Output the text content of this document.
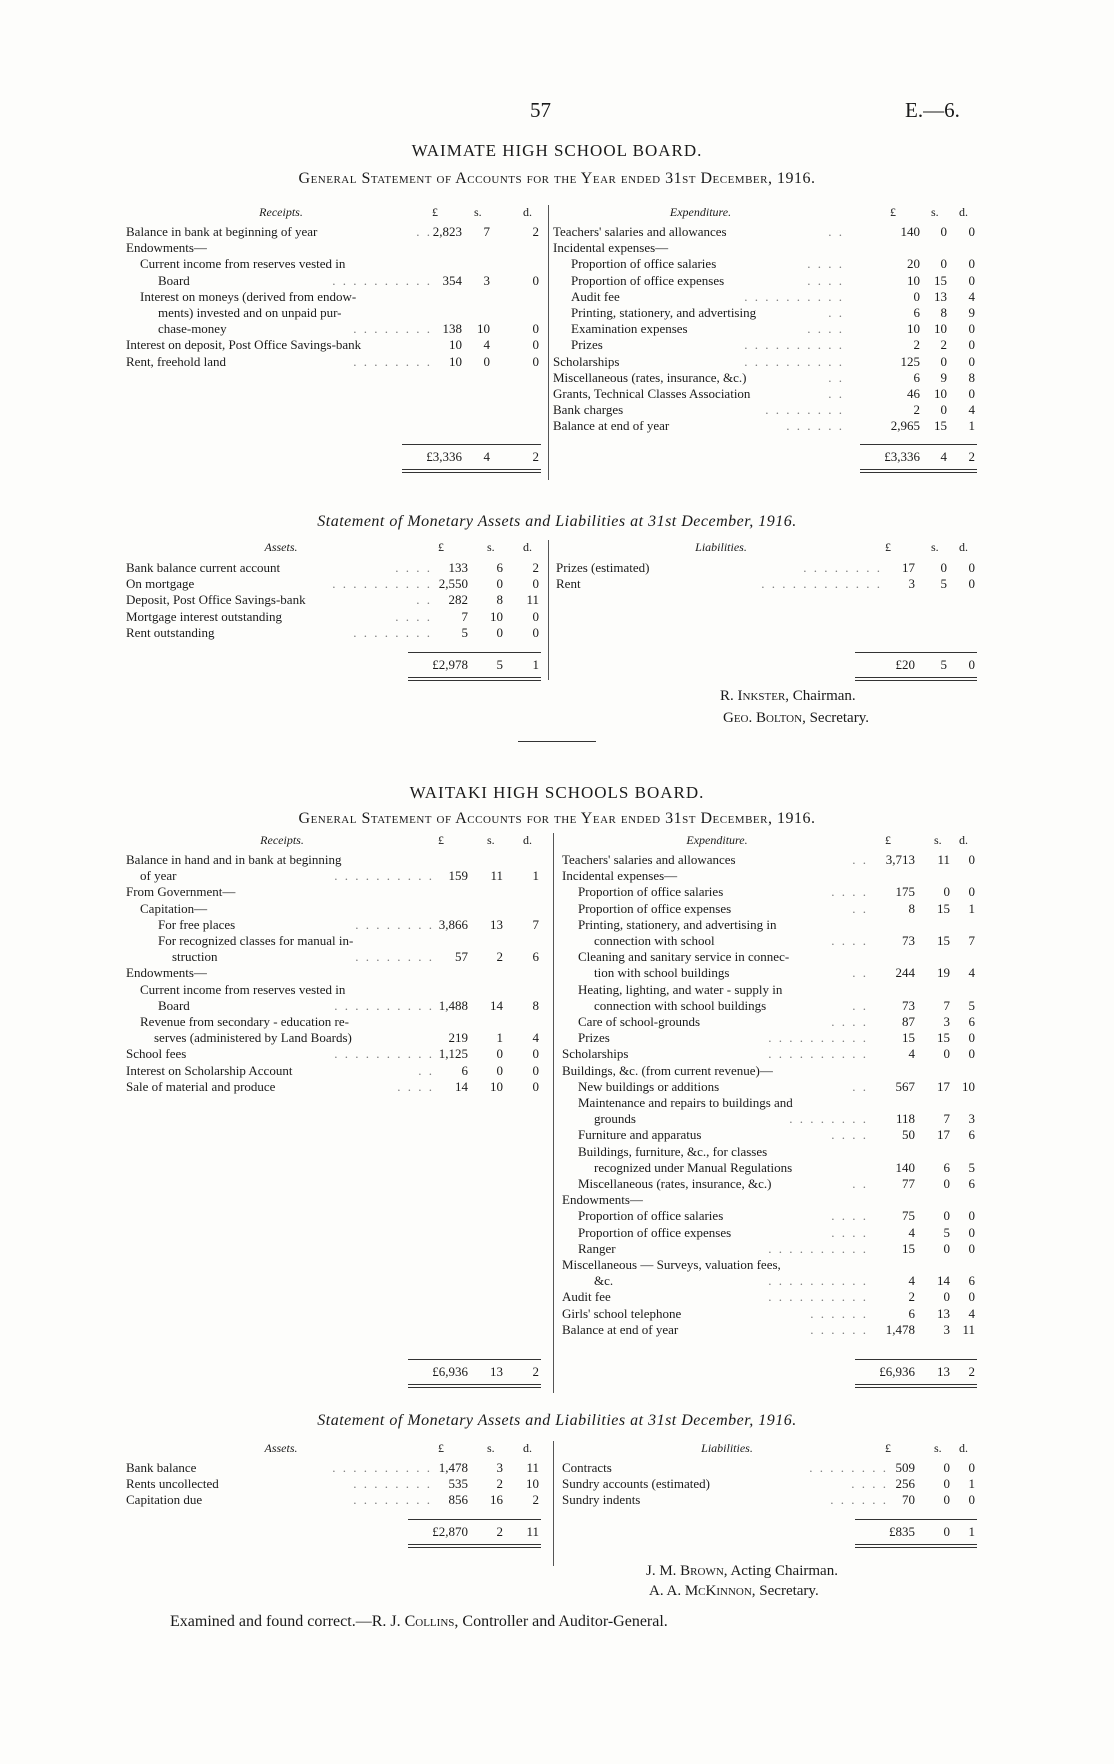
57	E.—6.
WAIMATE HIGH SCHOOL BOARD.
General Statement of Accounts for the Year ended 31st December, 1916.
Receipts.	£	s.	d.	Expenditure.	£	s. d.
Balance in bank at beginning of year	. . 2,823	7	2
Endowments—
Current income from reserves vested in
Board	. . . . . . . . . . 354	3	0
Interest on moneys (derived from endow-
ments) invested and on unpaid pur-
chase-money	. . . . . . . . 138	10	0
Interest on deposit, Post Office Savings-bank	10	4	0
Rent, freehold land	. . . . . . . .	10	0	0
Teachers' salaries and allowances	. .	140	0	0
Incidental expenses—
Proportion of office salaries	. . . .	20	0	0
Proportion of office expenses	. . . .	10	15	0
Audit fee	. . . . . . . . . .	0	13	4
Printing, stationery, and advertising	. .	6	8	9
Examination expenses	. . . .	10	10	0
Prizes	. . . . . . . . . .	2	2	0
Scholarships	. . . . . . . . . .	125	0	0
Miscellaneous (rates, insurance, &c.)	. .	6	9	8
Grants, Technical Classes Association	. .	46	10	0
Bank charges	. . . . . . . .	2	0	4
Balance at end of year	. . . . . .	2,965	15	1
£3,336	4	2	£3,336	4	2
Statement of Monetary Assets and Liabilities at 31st December, 1916.
Assets.	£	s. d.	Liabilities.	£	s. d.
Bank balance current account	. . . .	133	6	2
On mortgage	. . . . . . . . . . 2,550	0	0
Deposit, Post Office Savings-bank	. .	282	8	11
Mortgage interest outstanding	. . . .	7	10	0
Rent outstanding	. . . . . . . .	5	0	0
Prizes (estimated)	. . . . . . . .	17	0	0
Rent	. . . . . . . . . . . .	3	5	0
£2,978	5	1	£20	5	0
R. Inkster, Chairman.
Geo. Bolton, Secretary.
WAITAKI HIGH SCHOOLS BOARD.
General Statement of Accounts for the Year ended 31st December, 1916.
Receipts.	£	s. d.	Expenditure.	£	s. d.
Balance in hand and in bank at beginning
of year	. . . . . . . . . .	159	11	1
From Government—
Capitation—
For free places	. . . . . . . . 3,866	13	7
For recognized classes for manual in-
struction	. . . . . . . .	57	2	6
Endowments—
Current income from reserves vested in
Board	. . . . . . . . . . 1,488	14	8
Revenue from secondary - education re-
serves (administered by Land Boards)	219	1	4
School fees	. . . . . . . . . . 1,125	0	0
Interest on Scholarship Account	. .	6	0	0
Sale of material and produce	. . . .	14	10	0
Teachers' salaries and allowances	. .	3,713	11	0
Incidental expenses—
Proportion of office salaries	. . . .	175	0	0
Proportion of office expenses	. .	8	15	1
Printing, stationery, and advertising in
connection with school	. . . .	73	15	7
Cleaning and sanitary service in connec-
tion with school buildings	. .	244	19	4
Heating, lighting, and water - supply in
connection with school buildings	. .	73	7	5
Care of school-grounds	. . . .	87	3	6
Prizes	. . . . . . . . . .	15	15	0
Scholarships	. . . . . . . . . .	4	0	0
Buildings, &c. (from current revenue)—
New buildings or additions	. .	567	17 10
Maintenance and repairs to buildings and
grounds	. . . . . . . .	118	7	3
Furniture and apparatus	. . . .	50	17	6
Buildings, furniture, &c., for classes
recognized under Manual Regulations	140	6	5
Miscellaneous (rates, insurance, &c.)	. .	77	0	6
Endowments—
Proportion of office salaries	. . . .	75	0	0
Proportion of office expenses	. . . .	4	5	0
Ranger	. . . . . . . . . .	15	0	0
Miscellaneous — Surveys, valuation fees,
&c.	. . . . . . . . . .	4	14	6
Audit fee	. . . . . . . . . .	2	0	0
Girls' school telephone	. . . . . .	6	13	4
Balance at end of year	. . . . . .	1,478	3 11
£6,936	13	2	£6,936	13	2
Statement of Monetary Assets and Liabilities at 31st December, 1916.
Assets.	£	s. d.	Liabilities.	£	s. d.
Bank balance	. . . . . . . . . . 1,478	3	11
Rents uncollected	. . . . . . . .	535	2	10
Capitation due	. . . . . . . .	856	16	2
Contracts	. . . . . . . . 509	0	0
Sundry accounts (estimated)	. . . . 256	0	1
Sundry indents	. . . . . .	70	0	0
£2,870	2	11	£835	0	1
J. M. Brown, Acting Chairman.
A. A. McKinnon, Secretary.
Examined and found correct.—R. J. Collins, Controller and Auditor-General.
